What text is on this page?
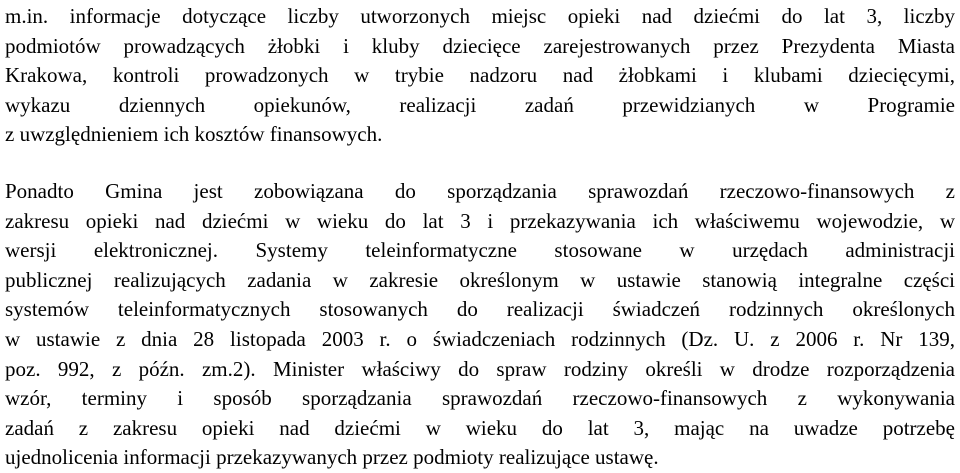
m.in. informacje dotyczące liczby utworzonych miejsc opieki nad dziećmi do lat 3, liczby
podmiotów prowadzących żłobki i kluby dziecięce zarejestrowanych przez Prezydenta Miasta
Krakowa, kontroli prowadzonych w trybie nadzoru nad żłobkami i klubami dziecięcymi,
wykazu dziennych opiekunów, realizacji zadań przewidzianych w Programie
z uwzględnieniem ich kosztów finansowych.
Ponadto Gmina jest zobowiązana do sporządzania sprawozdań rzeczowo-finansowych z
zakresu opieki nad dziećmi w wieku do lat 3 i przekazywania ich właściwemu wojewodzie, w
wersji elektronicznej. Systemy teleinformatyczne stosowane w urzędach administracji
publicznej realizujących zadania w zakresie określonym w ustawie stanowią integralne części
systemów teleinformatycznych stosowanych do realizacji świadczeń rodzinnych określonych
w ustawie z dnia 28 listopada 2003 r. o świadczeniach rodzinnych (Dz. U. z 2006 r. Nr 139,
poz. 992, z późn. zm.2). Minister właściwy do spraw rodziny określi w drodze rozporządzenia
wzór, terminy i sposób sporządzania sprawozdań rzeczowo-finansowych z wykonywania
zadań z zakresu opieki nad dziećmi w wieku do lat 3, mając na uwadze potrzebę
ujednolicenia informacji przekazywanych przez podmioty realizujące ustawę.
